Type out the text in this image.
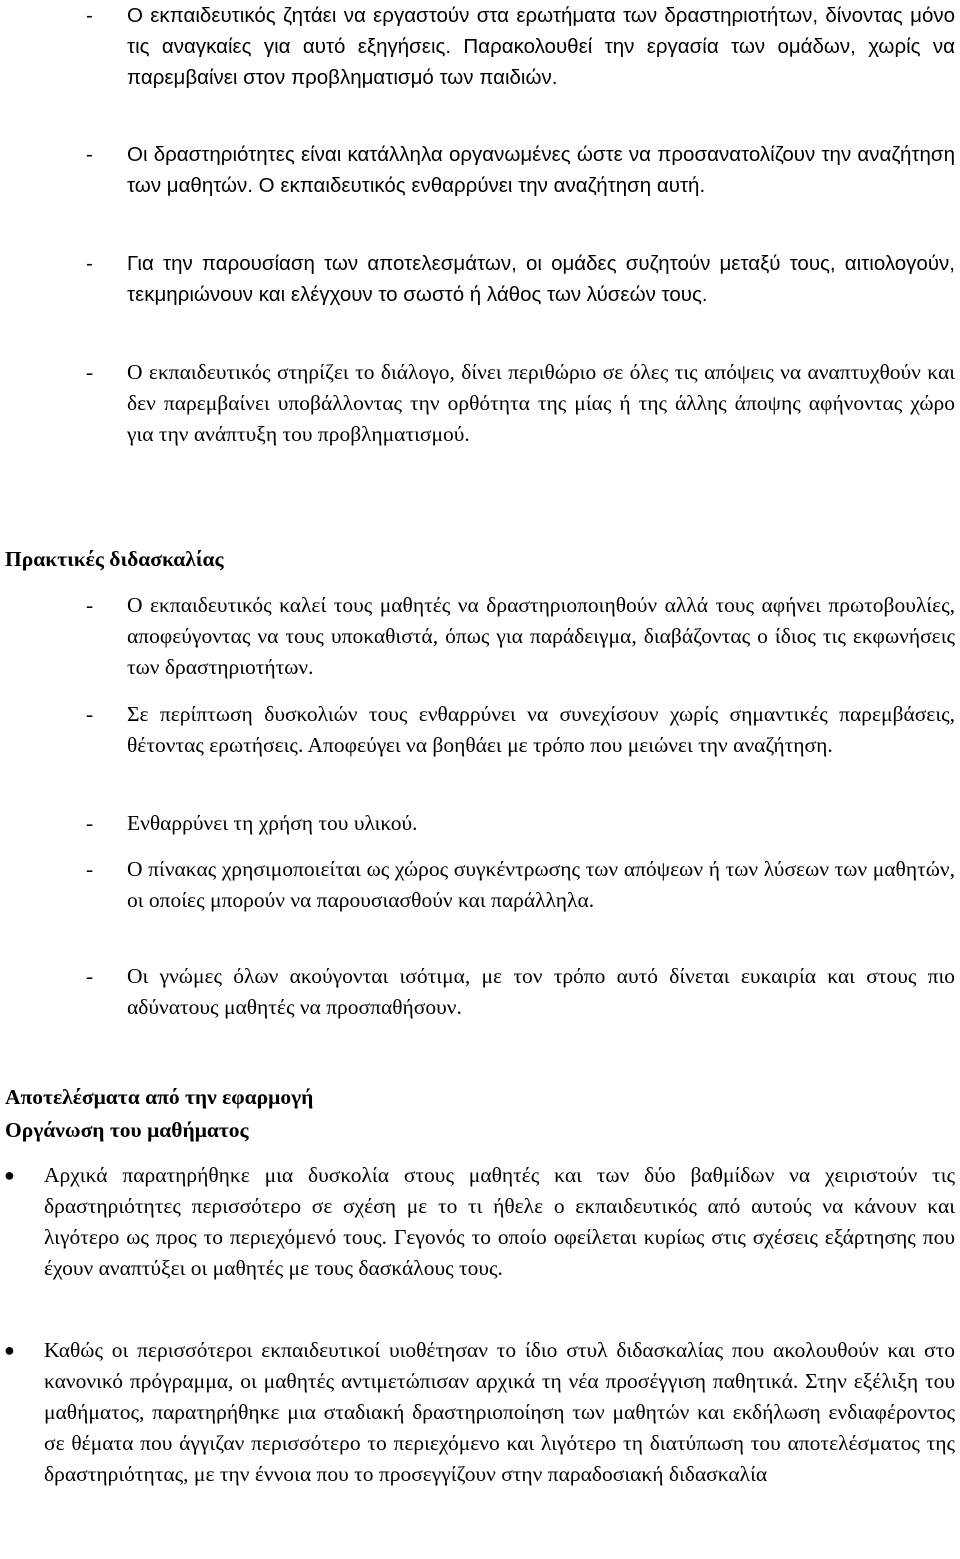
- Ο εκπαιδευτικός ζητάει να εργαστούν στα ερωτήματα των δραστηριοτήτων, δίνοντας μόνο τις αναγκαίες για αυτό εξηγήσεις. Παρακολουθεί την εργασία των ομάδων, χωρίς να παρεμβαίνει στον προβληματισμό των παιδιών.
- Οι δραστηριότητες είναι κατάλληλα οργανωμένες ώστε να προσανατολίζουν την αναζήτηση των μαθητών. Ο εκπαιδευτικός ενθαρρύνει την αναζήτηση αυτή.
- Για την παρουσίαση των αποτελεσμάτων, οι ομάδες συζητούν μεταξύ τους, αιτιολογούν, τεκμηριώνουν και ελέγχουν το σωστό ή λάθος των λύσεών τους.
- Ο εκπαιδευτικός στηρίζει το διάλογο, δίνει περιθώριο σε όλες τις απόψεις να αναπτυχθούν και δεν παρεμβαίνει υποβάλλοντας την ορθότητα της μίας ή της άλλης άποψης αφήνοντας χώρο για την ανάπτυξη του προβληματισμού.
Πρακτικές διδασκαλίας
- Ο εκπαιδευτικός καλεί τους μαθητές να δραστηριοποιηθούν αλλά τους αφήνει πρωτοβουλίες, αποφεύγοντας να τους υποκαθιστά, όπως για παράδειγμα, διαβάζοντας ο ίδιος τις εκφωνήσεις των δραστηριοτήτων.
- Σε περίπτωση δυσκολιών τους ενθαρρύνει να συνεχίσουν χωρίς σημαντικές παρεμβάσεις, θέτοντας ερωτήσεις. Αποφεύγει να βοηθάει με τρόπο που μειώνει την αναζήτηση.
- Ενθαρρύνει τη χρήση του υλικού.
- Ο πίνακας χρησιμοποιείται ως χώρος συγκέντρωσης των απόψεων ή των λύσεων των μαθητών, οι οποίες μπορούν να παρουσιασθούν και παράλληλα.
- Οι γνώμες όλων ακούγονται ισότιμα, με τον τρόπο αυτό δίνεται ευκαιρία και στους πιο αδύνατους μαθητές να προσπαθήσουν.
Αποτελέσματα από την εφαρμογή
Οργάνωση του μαθήματος
● Αρχικά παρατηρήθηκε μια δυσκολία στους μαθητές και των δύο βαθμίδων να χειριστούν τις δραστηριότητες περισσότερο σε σχέση με το τι ήθελε ο εκπαιδευτικός από αυτούς να κάνουν και λιγότερο ως προς το περιεχόμενό τους. Γεγονός το οποίο οφείλεται κυρίως στις σχέσεις εξάρτησης που έχουν αναπτύξει οι μαθητές με τους δασκάλους τους.
● Καθώς οι περισσότεροι εκπαιδευτικοί υιοθέτησαν το ίδιο στυλ διδασκαλίας που ακολουθούν και στο κανονικό πρόγραμμα, οι μαθητές αντιμετώπισαν αρχικά τη νέα προσέγγιση παθητικά. Στην εξέλιξη του μαθήματος, παρατηρήθηκε μια σταδιακή δραστηριοποίηση των μαθητών και εκδήλωση ενδιαφέροντος σε θέματα που άγγιζαν περισσότερο το περιεχόμενο και λιγότερο τη διατύπωση του αποτελέσματος της δραστηριότητας, με την έννοια που το προσεγγίζουν στην παραδοσιακή διδασκαλία
